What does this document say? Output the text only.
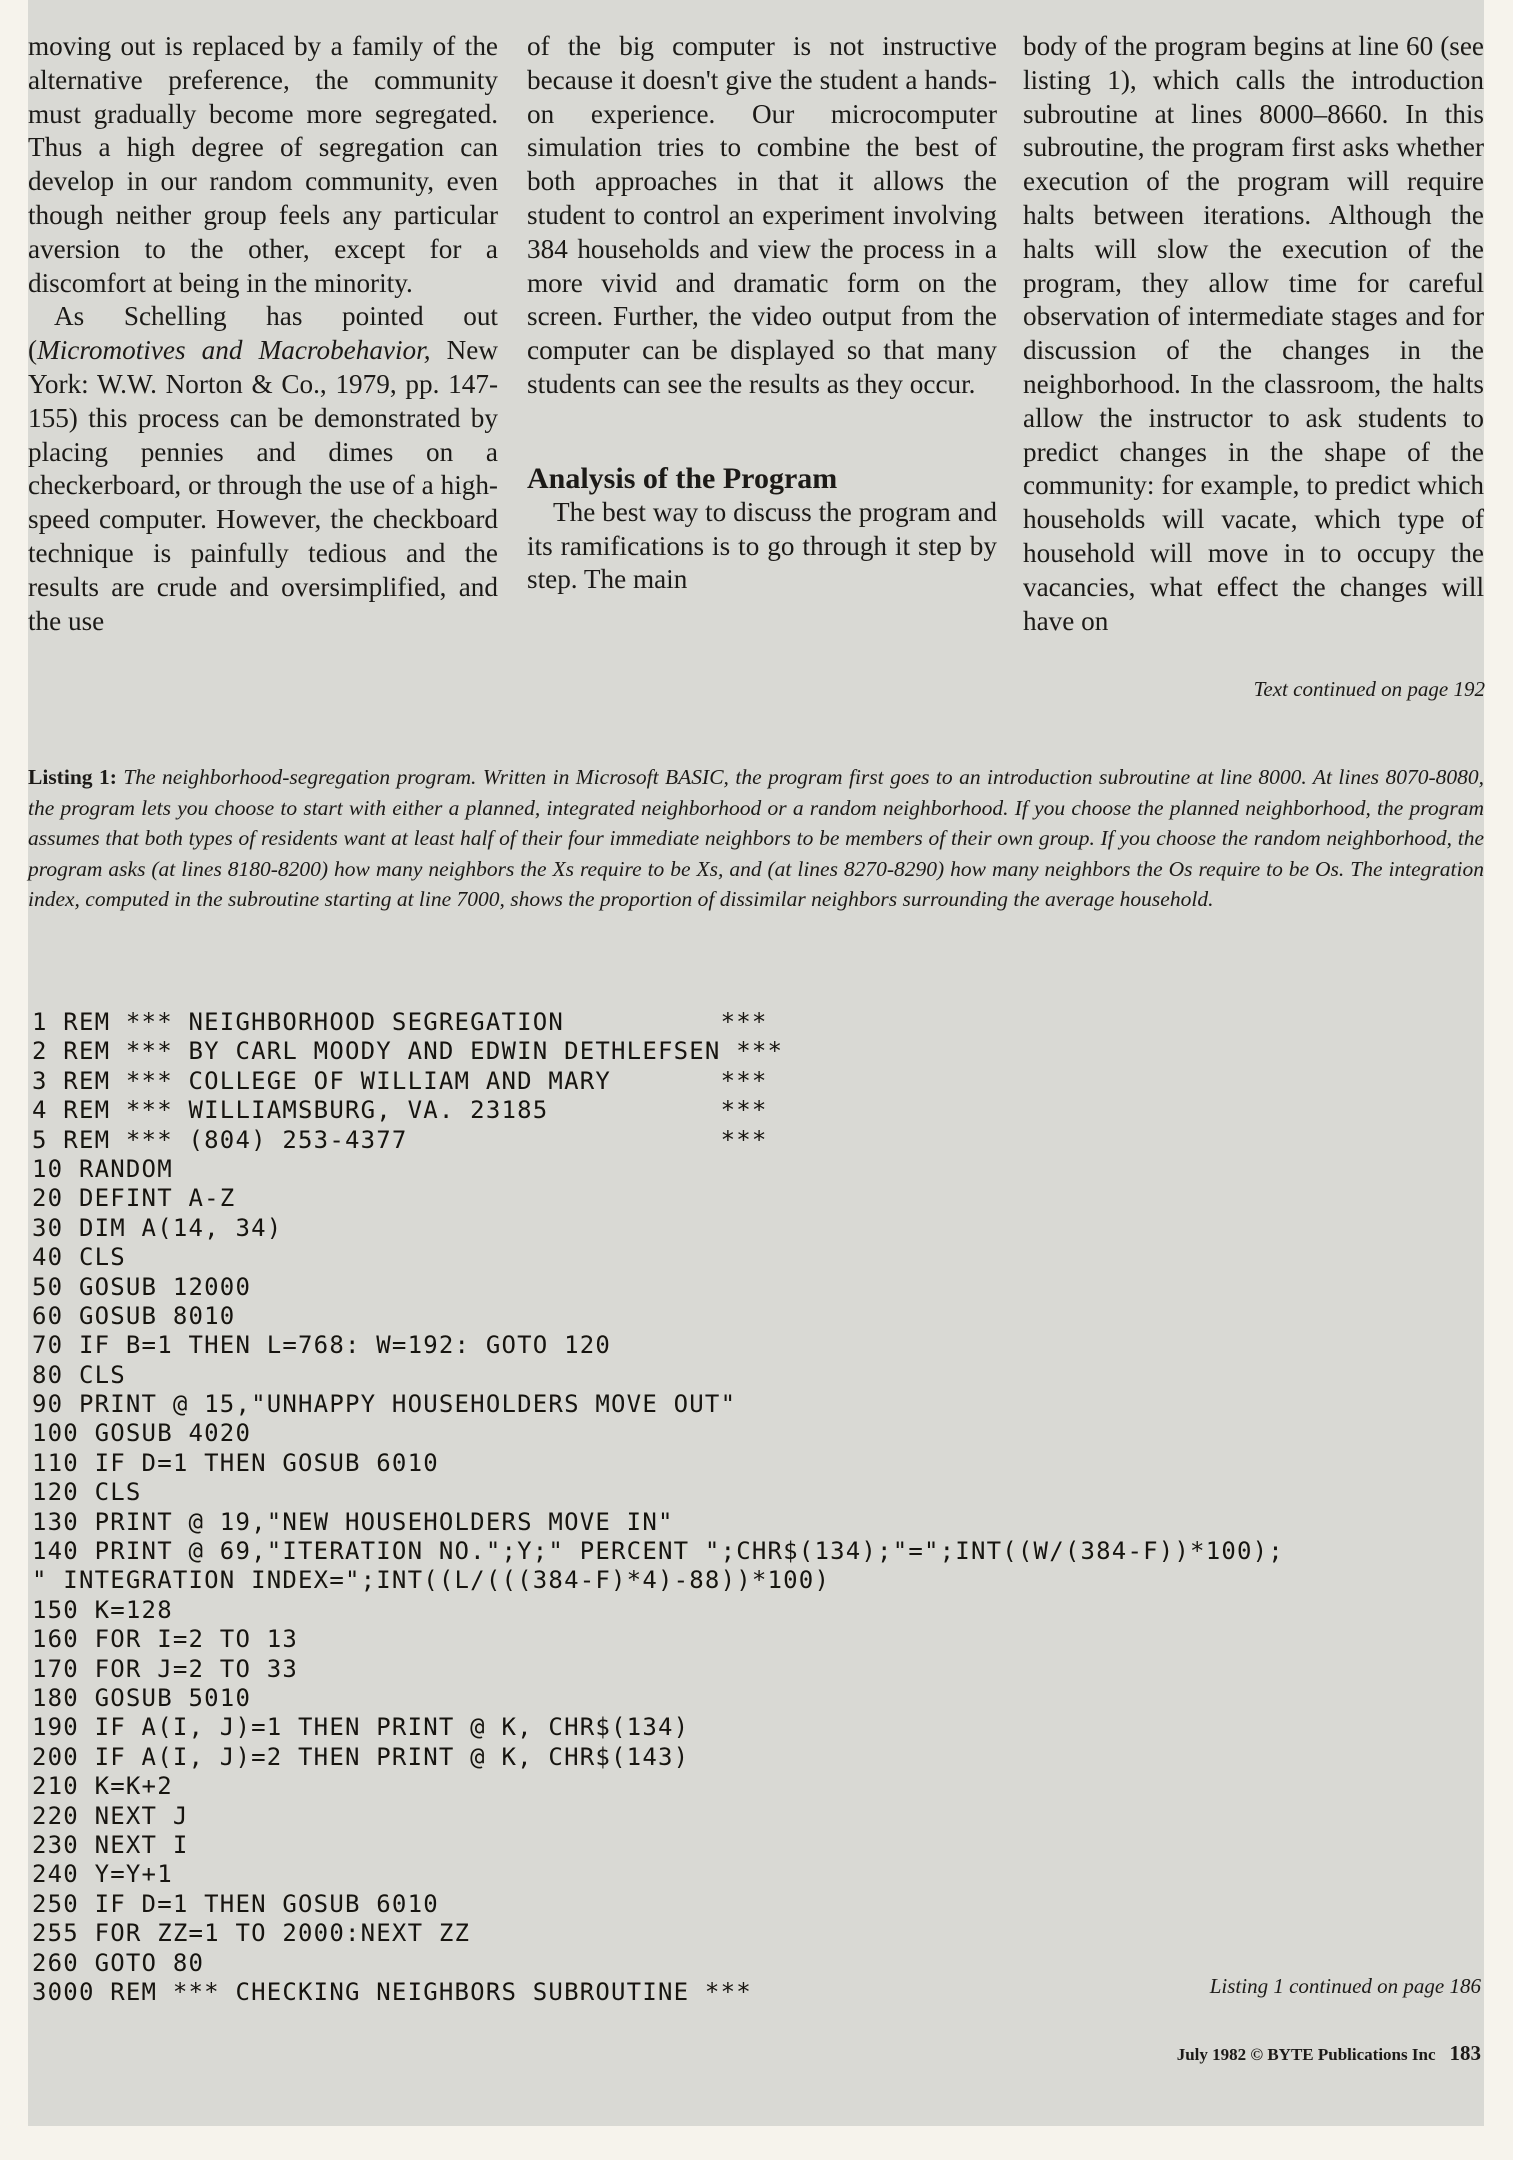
moving out is replaced by a family of the alternative preference, the community must gradually become more segregated. Thus a high degree of segregation can develop in our random community, even though neither group feels any particular aversion to the other, except for a discomfort at being in the minority.

As Schelling has pointed out (Micromotives and Macrobehavior, New York: W.W. Norton & Co., 1979, pp. 147-155) this process can be demonstrated by placing pennies and dimes on a checkerboard, or through the use of a high-speed computer. However, the checkboard technique is painfully tedious and the results are crude and oversimplified, and the use

of the big computer is not instructive because it doesn't give the student a hands-on experience. Our microcomputer simulation tries to combine the best of both approaches in that it allows the student to control an experiment involving 384 households and view the process in a more vivid and dramatic form on the screen. Further, the video output from the computer can be displayed so that many students can see the results as they occur.

Analysis of the Program

The best way to discuss the program and its ramifications is to go through it step by step. The main

body of the program begins at line 60 (see listing 1), which calls the introduction subroutine at lines 8000–8660. In this subroutine, the program first asks whether execution of the program will require halts between iterations. Although the halts will slow the execution of the program, they allow time for careful observation of intermediate stages and for discussion of the changes in the neighborhood. In the classroom, the halts allow the instructor to ask students to predict changes in the shape of the community: for example, to predict which households will vacate, which type of household will move in to occupy the vacancies, what effect the changes will have on

Text continued on page 192
Listing 1: The neighborhood-segregation program. Written in Microsoft BASIC, the program first goes to an introduction subroutine at line 8000. At lines 8070-8080, the program lets you choose to start with either a planned, integrated neighborhood or a random neighborhood. If you choose the planned neighborhood, the program assumes that both types of residents want at least half of their four immediate neighbors to be members of their own group. If you choose the random neighborhood, the program asks (at lines 8180-8200) how many neighbors the Xs require to be Xs, and (at lines 8270-8290) how many neighbors the Os require to be Os. The integration index, computed in the subroutine starting at line 7000, shows the proportion of dissimilar neighbors surrounding the average household.
1 REM *** NEIGHBORHOOD SEGREGATION          ***
2 REM *** BY CARL MOODY AND EDWIN DETHLEFSEN ***
3 REM *** COLLEGE OF WILLIAM AND MARY       ***
4 REM *** WILLIAMSBURG, VA. 23185           ***
5 REM *** (804) 253-4377                    ***
10 RANDOM
20 DEFINT A-Z
30 DIM A(14, 34)
40 CLS
50 GOSUB 12000
60 GOSUB 8010
70 IF B=1 THEN L=768: W=192: GOTO 120
80 CLS
90 PRINT @ 15,"UNHAPPY HOUSEHOLDERS MOVE OUT"
100 GOSUB 4020
110 IF D=1 THEN GOSUB 6010
120 CLS
130 PRINT @ 19,"NEW HOUSEHOLDERS MOVE IN"
140 PRINT @ 69,"ITERATION NO.";Y;" PERCENT ";CHR$(134);"=";INT((W/(384-F))*100);
" INTEGRATION INDEX=";INT((L/(((384-F)*4)-88))*100)
150 K=128
160 FOR I=2 TO 13
170 FOR J=2 TO 33
180 GOSUB 5010
190 IF A(I, J)=1 THEN PRINT @ K, CHR$(134)
200 IF A(I, J)=2 THEN PRINT @ K, CHR$(143)
210 K=K+2
220 NEXT J
230 NEXT I
240 Y=Y+1
250 IF D=1 THEN GOSUB 6010
255 FOR ZZ=1 TO 2000:NEXT ZZ
260 GOTO 80
3000 REM *** CHECKING NEIGHBORS SUBROUTINE ***	Listing 1 continued on page 186
July 1982 © BYTE Publications Inc 183
